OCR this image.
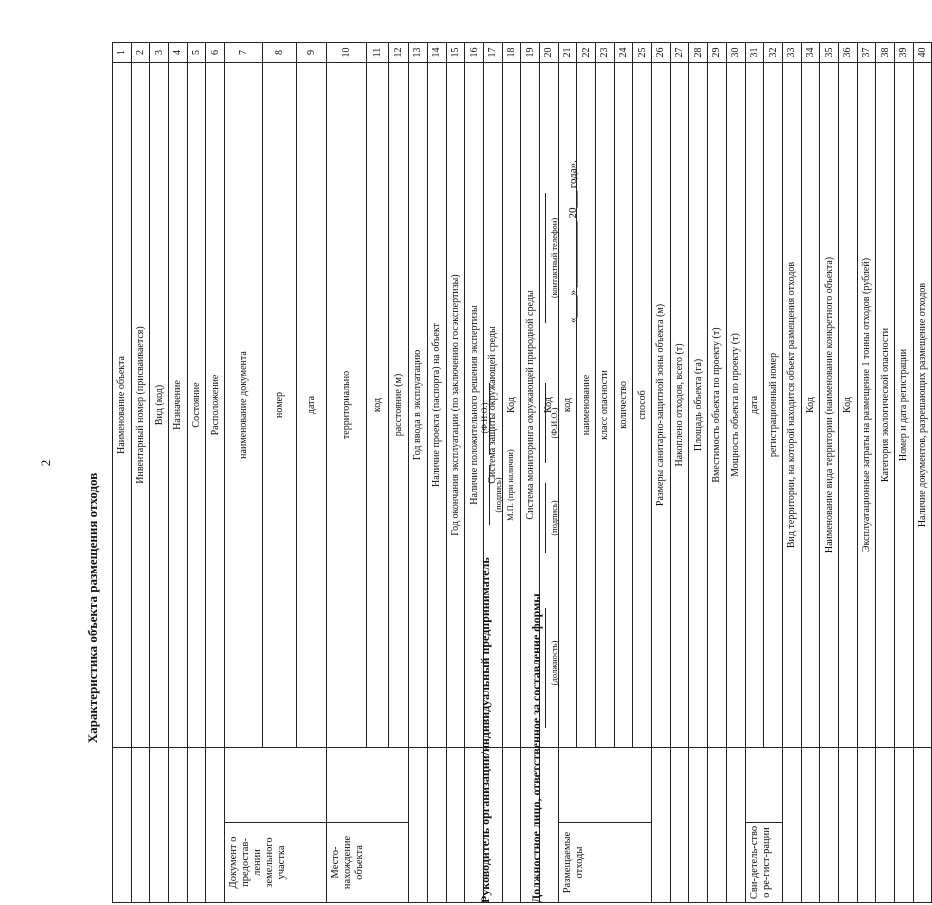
2
Характеристика объекта размещения отходов
		Наименование объекта	1
		Инвентарный номер (присваивается)	2
		Вид (код)	3
		Назначение	4
		Состояние	5
		Расположение	6
Документ о предостав-лении земельного участка		наименование документа	7
		номер	8
		дата	9
Место-нахождение объекта		территориально	10
		код	11
		расстояние (м)	12
		Год ввода в эксплуатацию	13
		Наличие проекта (паспорта) на объект	14
		Год окончания эксплуатации (по заключению госэкспертизы)	15
		Наличие положительного решения экспертизы	16
		Система защиты окружающей среды	17
		Код	18
		Система мониторинга окружающей природной среды	19
		Код	20
Размещаемые отходы		код	21
		наименование	22
		класс опасности	23
		количество	24
		способ	25
		Размеры санитарно-защитной зоны объекта (м)	26
		Накоплено отходов, всего (т)	27
		Площадь объекта (га)	28
		Вместимость объекта по проекту (т)	29
		Мощность объекта по проекту (т)	30
Сви-детель-ство о ре-гист-рации		дата	31
		регистрационный номер	32
		Вид территории, на которой находится объект размещения отходов	33
		Код	34
		Наименование вида территории (наименование конкретного объекта)	35
		Код	36
		Эксплуатационные затраты на размещение 1 тонны отходов (рублей)	37
		Категория экологической опасности	38
		Номер и дата регистрации	39
		Наличие документов, разрешающих размещение отходов	40
Руководитель организации/индивидуальный предприниматель
(подпись)
(Ф.И.О.)
М.П. (при наличии)
Должностное лицо, ответственное за составление формы (должность)
(подпись)
(Ф.И.О.)
(контактный телефон) «____» ____________ 20___ года».
